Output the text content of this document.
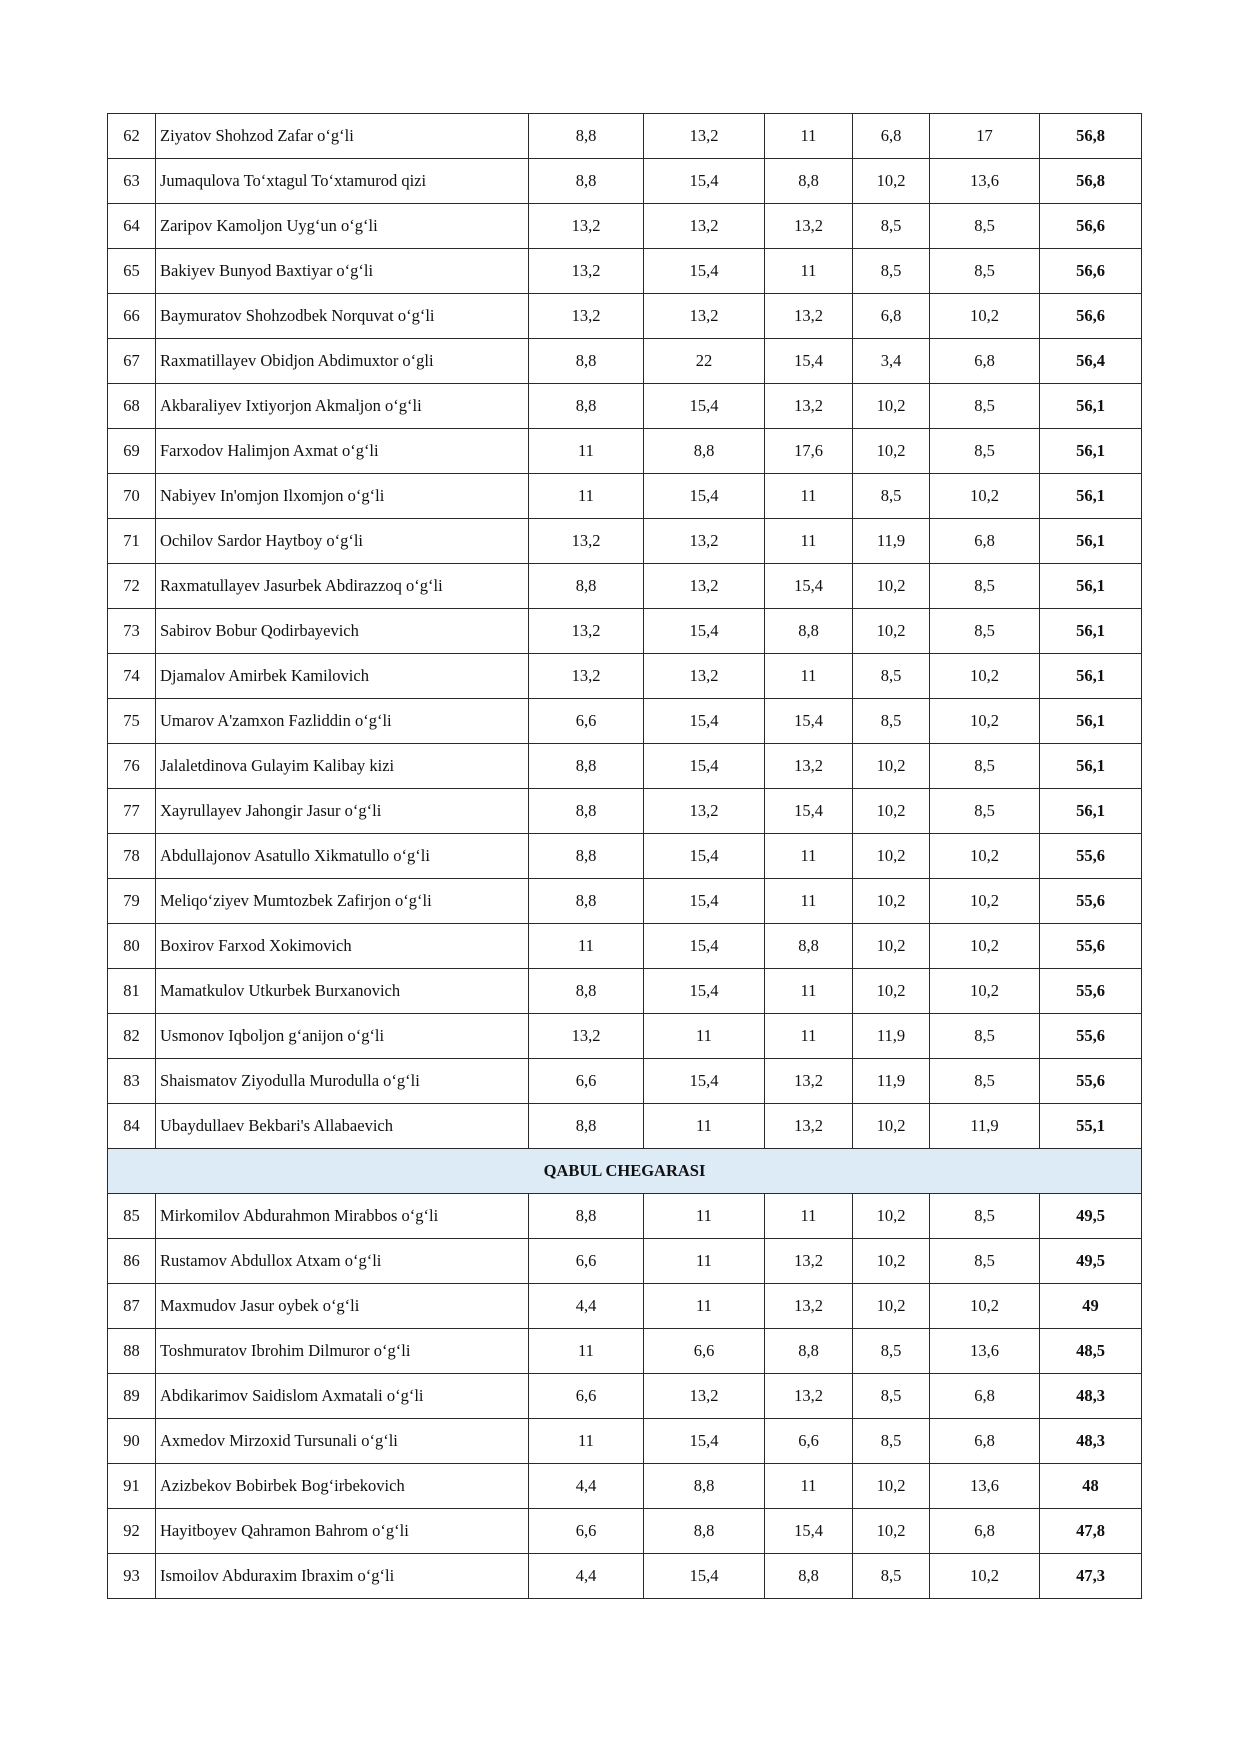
62	Ziyatov Shohzod Zafar o‘g‘li	8,8	13,2	11	6,8	17	56,8
63	Jumaqulova To‘xtagul To‘xtamurod qizi	8,8	15,4	8,8	10,2	13,6	56,8
64	Zaripov Kamoljon Uyg‘un o‘g‘li	13,2	13,2	13,2	8,5	8,5	56,6
65	Bakiyev Bunyod Baxtiyar o‘g‘li	13,2	15,4	11	8,5	8,5	56,6
66	Baymuratov Shohzodbek Norquvat o‘g‘li	13,2	13,2	13,2	6,8	10,2	56,6
67	Raxmatillayev Obidjon Abdimuxtor o‘gli	8,8	22	15,4	3,4	6,8	56,4
68	Akbaraliyev Ixtiyorjon Akmaljon o‘g‘li	8,8	15,4	13,2	10,2	8,5	56,1
69	Farxodov Halimjon Axmat o‘g‘li	11	8,8	17,6	10,2	8,5	56,1
70	Nabiyev In'omjon Ilxomjon o‘g‘li	11	15,4	11	8,5	10,2	56,1
71	Ochilov Sardor Haytboy o‘g‘li	13,2	13,2	11	11,9	6,8	56,1
72	Raxmatullayev Jasurbek Abdirazzoq o‘g‘li	8,8	13,2	15,4	10,2	8,5	56,1
73	Sabirov Bobur Qodirbayevich	13,2	15,4	8,8	10,2	8,5	56,1
74	Djamalov Amirbek Kamilovich	13,2	13,2	11	8,5	10,2	56,1
75	Umarov A'zamxon Fazliddin o‘g‘li	6,6	15,4	15,4	8,5	10,2	56,1
76	Jalaletdinova Gulayim Kalibay kizi	8,8	15,4	13,2	10,2	8,5	56,1
77	Xayrullayev Jahongir Jasur o‘g‘li	8,8	13,2	15,4	10,2	8,5	56,1
78	Abdullajonov Asatullo Xikmatullo o‘g‘li	8,8	15,4	11	10,2	10,2	55,6
79	Meliqo‘ziyev Mumtozbek Zafirjon o‘g‘li	8,8	15,4	11	10,2	10,2	55,6
80	Boxirov Farxod Xokimovich	11	15,4	8,8	10,2	10,2	55,6
81	Mamatkulov Utkurbek Burxanovich	8,8	15,4	11	10,2	10,2	55,6
82	Usmonov Iqboljon g‘anijon o‘g‘li	13,2	11	11	11,9	8,5	55,6
83	Shaismatov Ziyodulla Murodulla o‘g‘li	6,6	15,4	13,2	11,9	8,5	55,6
84	Ubaydullaev Bekbari's Allabaevich	8,8	11	13,2	10,2	11,9	55,1
QABUL CHEGARASI							
85	Mirkomilov Abdurahmon Mirabbos o‘g‘li	8,8	11	11	10,2	8,5	49,5
86	Rustamov Abdullox Atxam o‘g‘li	6,6	11	13,2	10,2	8,5	49,5
87	Maxmudov Jasur oybek o‘g‘li	4,4	11	13,2	10,2	10,2	49
88	Toshmuratov Ibrohim Dilmuror o‘g‘li	11	6,6	8,8	8,5	13,6	48,5
89	Abdikarimov Saidislom Axmatali o‘g‘li	6,6	13,2	13,2	8,5	6,8	48,3
90	Axmedov Mirzoxid Tursunali o‘g‘li	11	15,4	6,6	8,5	6,8	48,3
91	Azizbekov Bobirbek Bog‘irbekovich	4,4	8,8	11	10,2	13,6	48
92	Hayitboyev Qahramon Bahrom o‘g‘li	6,6	8,8	15,4	10,2	6,8	47,8
93	Ismoilov Abduraxim Ibraxim o‘g‘li	4,4	15,4	8,8	8,5	10,2	47,3
